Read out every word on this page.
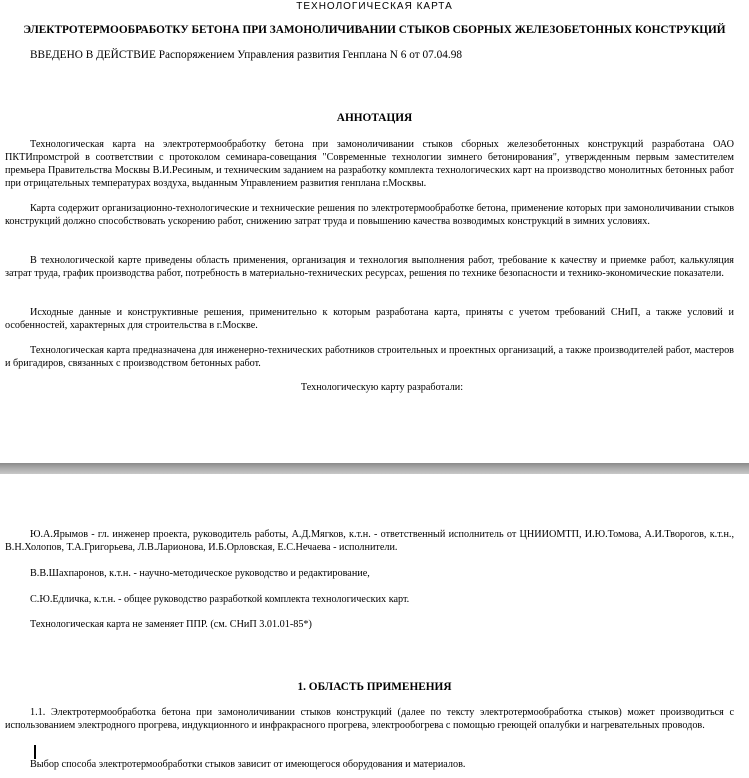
ТЕХНОЛОГИЧЕСКАЯ КАРТА
ЭЛЕКТРОТЕРМООБРАБОТКУ БЕТОНА ПРИ ЗАМОНОЛИЧИВАНИИ СТЫКОВ СБОРНЫХ ЖЕЛЕЗОБЕТОННЫХ КОНСТРУКЦИЙ

ВВЕДЕНО В ДЕЙСТВИЕ Распоряжением Управления развития Генплана N 6 от 07.04.98

АННОТАЦИЯ

Технологическая карта на электротермообработку бетона при замоноличивании стыков сборных железобетонных конструкций разработана ОАО ПКТИпромстрой в соответствии с протоколом семинара-совещания "Современные технологии зимнего бетонирования", утвержденным первым заместителем премьера Правительства Москвы В.И.Ресиным, и техническим заданием на разработку комплекта технологических карт на производство монолитных бетонных работ при отрицательных температурах воздуха, выданным Управлением развития генплана г.Москвы.

Карта содержит организационно-технологические и технические решения по электротермообработке бетона, применение которых при замоноличивании стыков конструкций должно способствовать ускорению работ, снижению затрат труда и повышению качества возводимых конструкций в зимних условиях.

В технологической карте приведены область применения, организация и технология выполнения работ, требование к качеству и приемке работ, калькуляция затрат труда, график производства работ, потребность в материально-технических ресурсах, решения по технике безопасности и технико-экономические показатели.

Исходные данные и конструктивные решения, применительно к которым разработана карта, приняты с учетом требований СНиП, а также условий и особенностей, характерных для строительства в г.Москве.

Технологическая карта предназначена для инженерно-технических работников строительных и проектных организаций, а также производителей работ, мастеров и бригадиров, связанных с производством бетонных работ.

Технологическую карту разработали:

Ю.А.Ярымов - гл. инженер проекта, руководитель работы, А.Д.Мягков, к.т.н. - ответственный исполнитель от ЦНИИОМТП, И.Ю.Томова, А.И.Творогов, к.т.н., В.Н.Холопов, Т.А.Григорьева, Л.В.Ларионова, И.Б.Орловская, Е.С.Нечаева - исполнители.

В.В.Шахпаронов, к.т.н. - научно-методическое руководство и редактирование,

С.Ю.Едличка, к.т.н. - общее руководство разработкой комплекта технологических карт.

Технологическая карта не заменяет ППР. (см. СНиП 3.01.01-85*)

1. ОБЛАСТЬ ПРИМЕНЕНИЯ

1.1. Электротермообработка бетона при замоноличивании стыков конструкций (далее по тексту электротермообработка стыков) может производиться с использованием электродного прогрева, индукционного и инфракрасного прогрева, электрообогрева с помощью греющей опалубки и нагревательных проводов.

Выбор способа электротермообработки стыков зависит от имеющегося оборудования и материалов.
